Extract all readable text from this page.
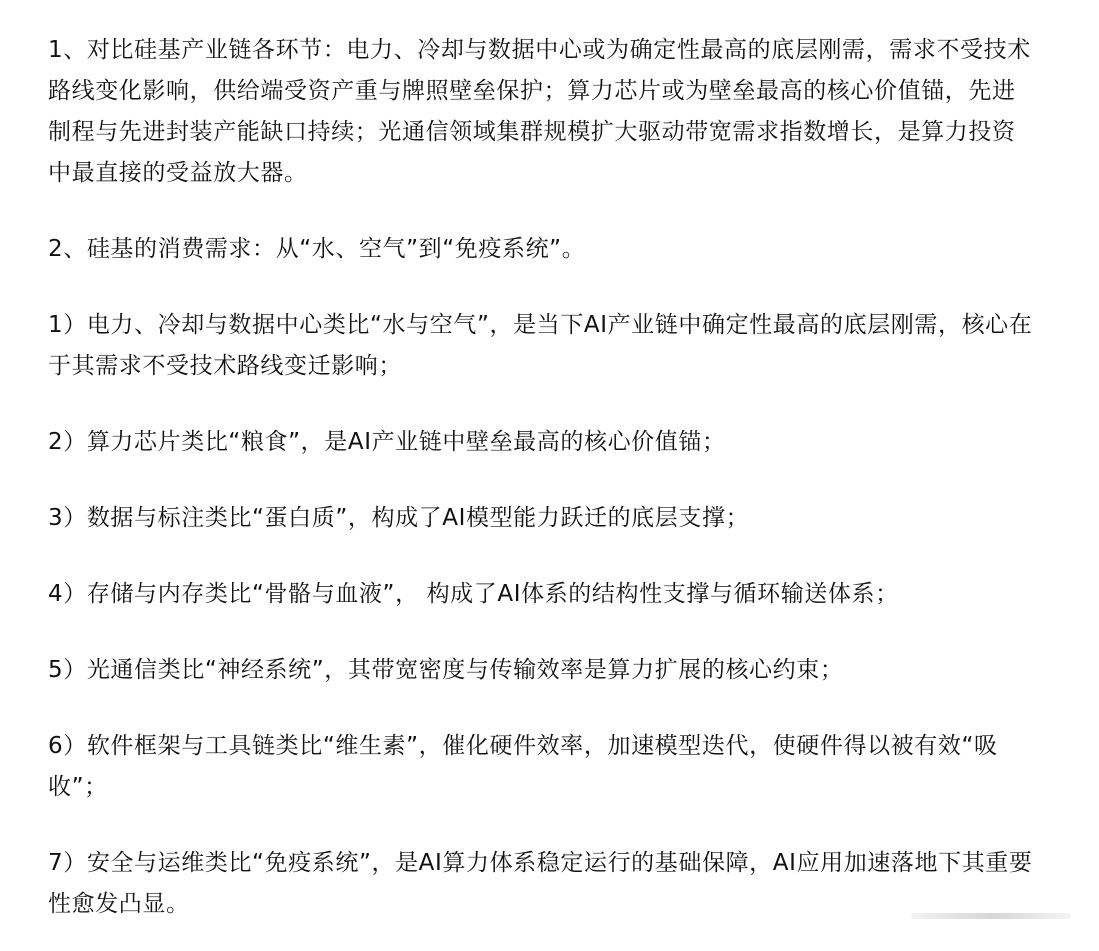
1、对比硅基产业链各环节：电力、冷却与数据中心或为确定性最高的底层刚需，需求不受技术路线变化影响，供给端受资产重与牌照壁垒保护；算力芯片或为壁垒最高的核心价值锚，先进制程与先进封装产能缺口持续；光通信领域集群规模扩大驱动带宽需求指数增长，是算力投资中最直接的受益放大器。

2、硅基的消费需求：从“水、空气”到“免疫系统”。

1）电力、冷却与数据中心类比“水与空气”，是当下AI产业链中确定性最高的底层刚需，核心在于其需求不受技术路线变迁影响；

2）算力芯片类比“粮食”，是AI产业链中壁垒最高的核心价值锚；

3）数据与标注类比“蛋白质”，构成了AI模型能力跃迁的底层支撑；

4）存储与内存类比“骨骼与血液”， 构成了AI体系的结构性支撑与循环输送体系；

5）光通信类比“神经系统”，其带宽密度与传输效率是算力扩展的核心约束；

6）软件框架与工具链类比“维生素”，催化硬件效率，加速模型迭代，使硬件得以被有效“吸收”；

7）安全与运维类比“免疫系统”，是AI算力体系稳定运行的基础保障，AI应用加速落地下其重要性愈发凸显。
